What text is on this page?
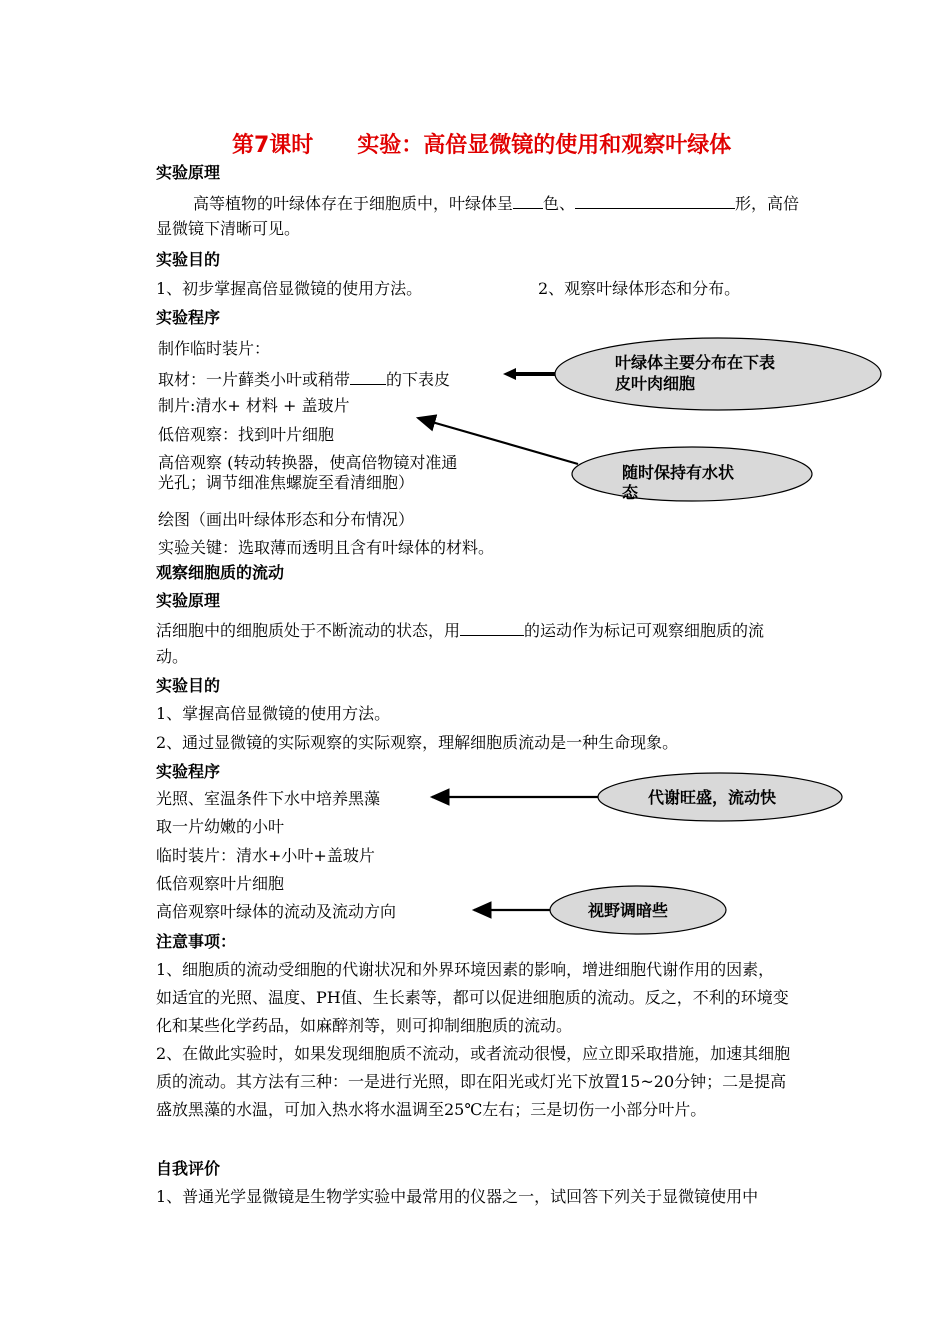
第7课时　　实验：高倍显微镜的使用和观察叶绿体
实验原理
高等植物的叶绿体存在于细胞质中，叶绿体呈 色、	形，高倍
显微镜下清晰可见。
实验目的
1、初步掌握高倍显微镜的使用方法。	2、观察叶绿体形态和分布。
实验程序
制作临时装片：
取材：一片藓类小叶或稍带 的下表皮
制片:清水+ 材料 + 盖玻片
低倍观察：找到叶片细胞
高倍观察 (转动转换器，使高倍物镜对准通
光孔；调节细准焦螺旋至看清细胞）
绘图（画出叶绿体形态和分布情况）
实验关键：选取薄而透明且含有叶绿体的材料。
叶绿体主要分布在下表
皮叶肉细胞
随时保持有水状
态
观察细胞质的流动
实验原理
活细胞中的细胞质处于不断流动的状态，用	的运动作为标记可观察细胞质的流
动。
实验目的
1、掌握高倍显微镜的使用方法。
2、通过显微镜的实际观察的实际观察，理解细胞质流动是一种生命现象。
实验程序
光照、室温条件下水中培养黑藻
取一片幼嫩的小叶
临时装片：清水+小叶+盖玻片
低倍观察叶片细胞
高倍观察叶绿体的流动及流动方向
代谢旺盛，流动快
视野调暗些
注意事项：
1、细胞质的流动受细胞的代谢状况和外界环境因素的影响，增进细胞代谢作用的因素，
如适宜的光照、温度、PH值、生长素等，都可以促进细胞质的流动。反之，不利的环境变
化和某些化学药品，如麻醉剂等，则可抑制细胞质的流动。
2、在做此实验时，如果发现细胞质不流动，或者流动很慢，应立即采取措施，加速其细胞
质的流动。其方法有三种：一是进行光照，即在阳光或灯光下放置15~20分钟；二是提高
盛放黑藻的水温，可加入热水将水温调至25℃左右；三是切伤一小部分叶片。
自我评价
1、普通光学显微镜是生物学实验中最常用的仪器之一，试回答下列关于显微镜使用中
